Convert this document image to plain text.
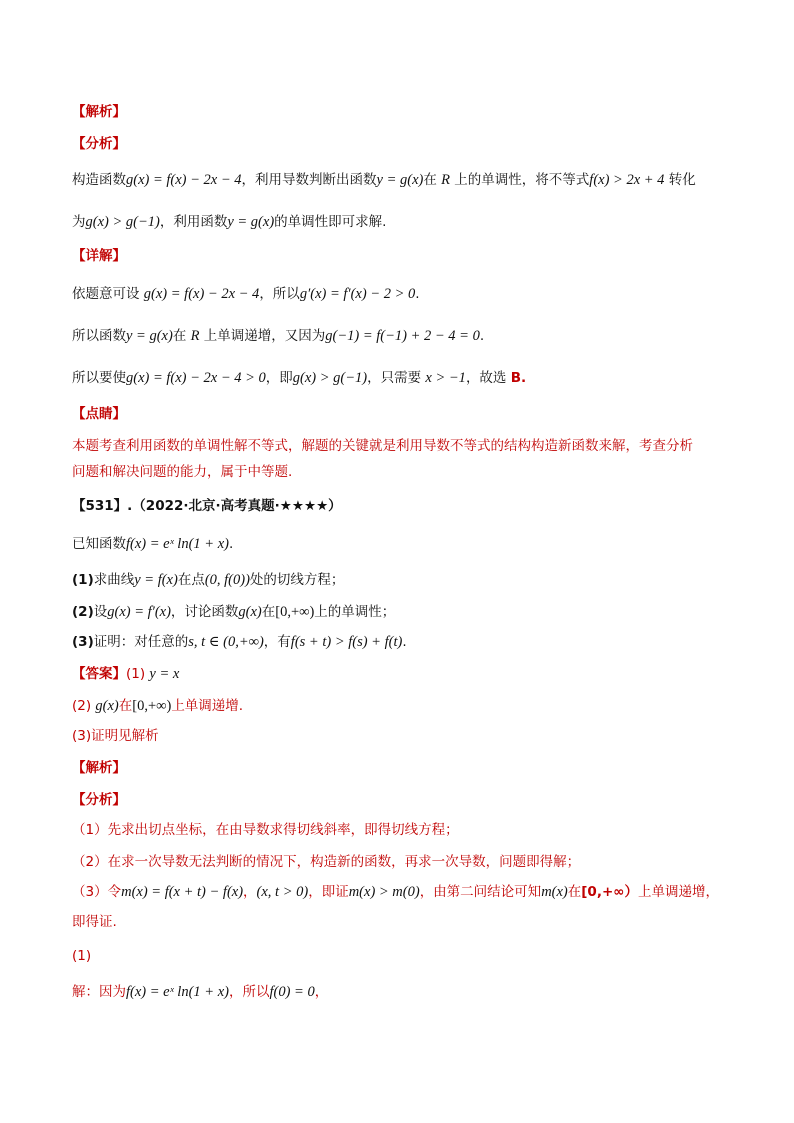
【解析】
【分析】
构造函数g(x) = f(x) − 2x − 4，利用导数判断出函数y = g(x)在 R 上的单调性，将不等式f(x) > 2x + 4 转化
为g(x) > g(−1)，利用函数y = g(x)的单调性即可求解.
【详解】
依题意可设 g(x) = f(x) − 2x − 4，所以g′(x) = f′(x) − 2 > 0.
所以函数y = g(x)在 R 上单调递增，又因为g(−1) = f(−1) + 2 − 4 = 0.
所以要使g(x) = f(x) − 2x − 4 > 0，即g(x) > g(−1)，只需要 x > −1，故选 B.
【点睛】
本题考查利用函数的单调性解不等式，解题的关键就是利用导数不等式的结构构造新函数来解，考查分析
问题和解决问题的能力，属于中等题.
【531】.（2022·北京·高考真题·★★★★）
已知函数f(x) = eˣ ln(1 + x).
(1)求曲线y = f(x)在点(0, f(0))处的切线方程；
(2)设g(x) = f′(x)，讨论函数g(x)在[0,+∞)上的单调性；
(3)证明：对任意的s, t ∈ (0,+∞)，有f(s + t) > f(s) + f(t).
【答案】(1) y = x
(2) g(x)在[0,+∞)上单调递增.
(3)证明见解析
【解析】
【分析】
（1）先求出切点坐标，在由导数求得切线斜率，即得切线方程；
（2）在求一次导数无法判断的情况下，构造新的函数，再求一次导数，问题即得解；
（3）令m(x) = f(x + t) − f(x)，(x, t > 0)，即证m(x) > m(0)，由第二问结论可知m(x)在[0,+∞）上单调递增，
即得证.
(1)
解：因为f(x) = eˣ ln(1 + x)，所以f(0) = 0，
